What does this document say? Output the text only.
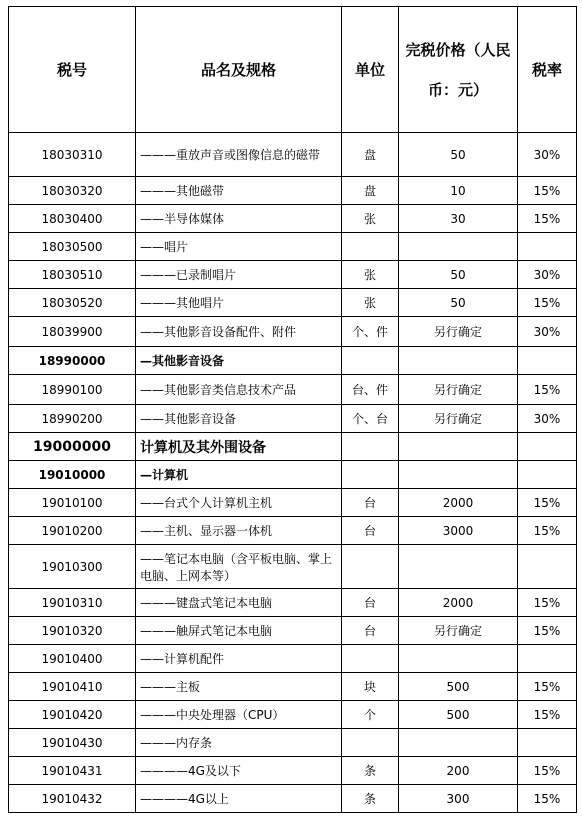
税号	品名及规格	单位	完税价格（人民币：元）	税率
18030310	———重放声音或图像信息的磁带	盘	50	30%
18030320	———其他磁带	盘	10	15%
18030400	——半导体媒体	张	30	15%
18030500	——唱片			
18030510	———已录制唱片	张	50	30%
18030520	———其他唱片	张	50	15%
18039900	——其他影音设备配件、附件	个、件	另行确定	30%
18990000	—其他影音设备			
18990100	——其他影音类信息技术产品	台、件	另行确定	15%
18990200	——其他影音设备	个、台	另行确定	30%
19000000	计算机及其外围设备			
19010000	—计算机			
19010100	——台式个人计算机主机	台	2000	15%
19010200	——主机、显示器一体机	台	3000	15%
19010300	——笔记本电脑（含平板电脑、掌上电脑、上网本等）			
19010310	———键盘式笔记本电脑	台	2000	15%
19010320	———触屏式笔记本电脑	台	另行确定	15%
19010400	——计算机配件			
19010410	———主板	块	500	15%
19010420	———中央处理器（CPU）	个	500	15%
19010430	———内存条			
19010431	————4G及以下	条	200	15%
19010432	————4G以上	条	300	15%
